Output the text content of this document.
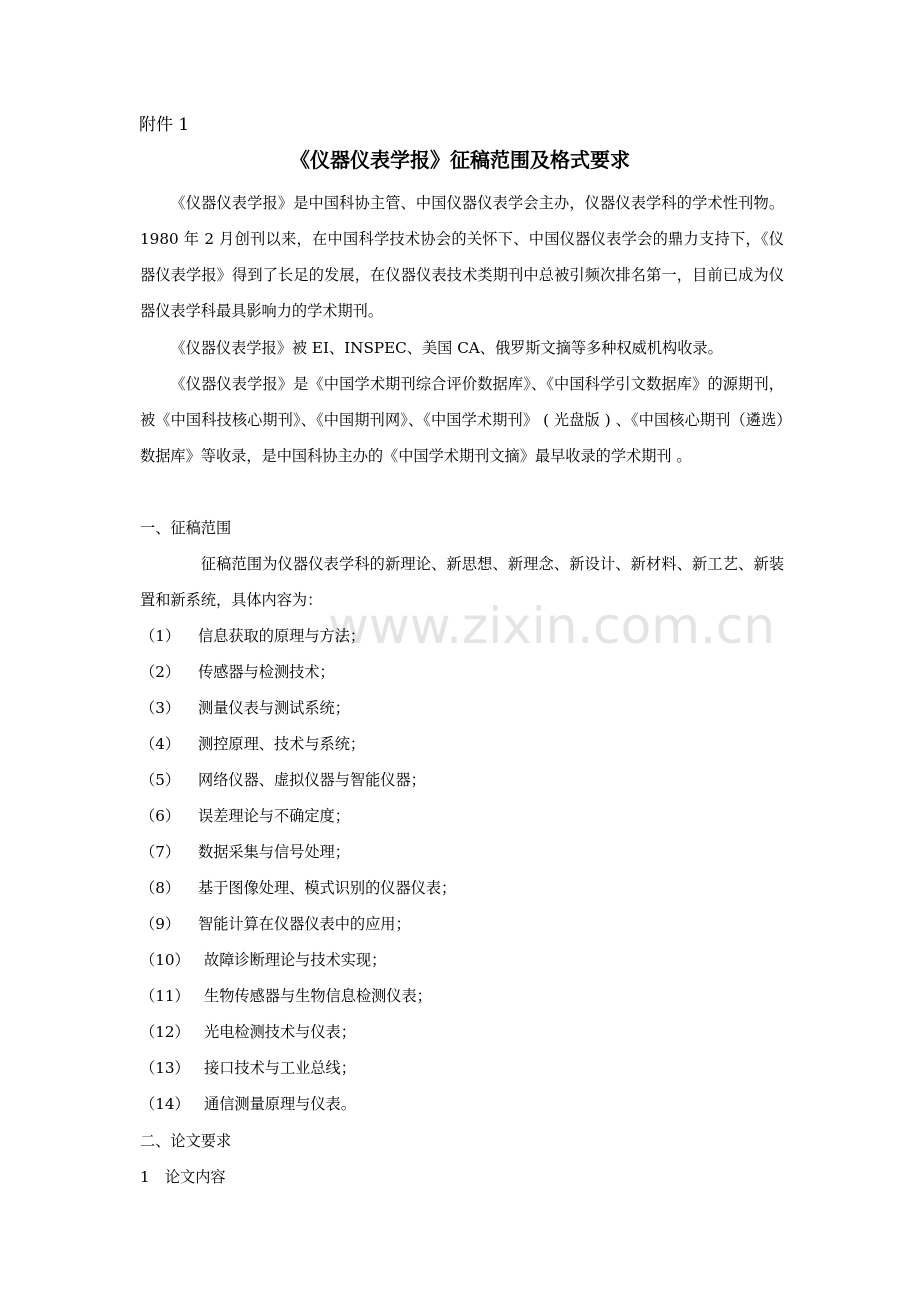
www.zixin.com.cn
附件 1
《仪器仪表学报》征稿范围及格式要求

《仪器仪表学报》是中国科协主管、中国仪器仪表学会主办，仪器仪表学科的学术性刊物。1980 年 2 月创刊以来，在中国科学技术协会的关怀下、中国仪器仪表学会的鼎力支持下，《仪器仪表学报》得到了长足的发展，在仪器仪表技术类期刊中总被引频次排名第一，目前已成为仪器仪表学科最具影响力的学术期刊。

《仪器仪表学报》被 EI、INSPEC、美国 CA、俄罗斯文摘等多种权威机构收录。

《仪器仪表学报》是《中国学术期刊综合评价数据库》、《中国科学引文数据库》的源期刊，被《中国科技核心期刊》、《中国期刊网》、《中国学术期刊》 ( 光盘版 ) 、《中国核心期刊（遴选）数据库》等收录，是中国科协主办的《中国学术期刊文摘》最早收录的学术期刊 。

一、征稿范围

征稿范围为仪器仪表学科的新理论、新思想、新理念、新设计、新材料、新工艺、新装置和新系统，具体内容为：

（1） 信息获取的原理与方法；
（2） 传感器与检测技术；
（3） 测量仪表与测试系统；
（4） 测控原理、技术与系统；
（5） 网络仪器、虚拟仪器与智能仪器；
（6） 误差理论与不确定度；
（7） 数据采集与信号处理；
（8） 基于图像处理、模式识别的仪器仪表；
（9） 智能计算在仪器仪表中的应用；
（10） 故障诊断理论与技术实现；
（11） 生物传感器与生物信息检测仪表；
（12） 光电检测技术与仪表；
（13） 接口技术与工业总线；
（14） 通信测量原理与仪表。
二、论文要求
1　论文内容
